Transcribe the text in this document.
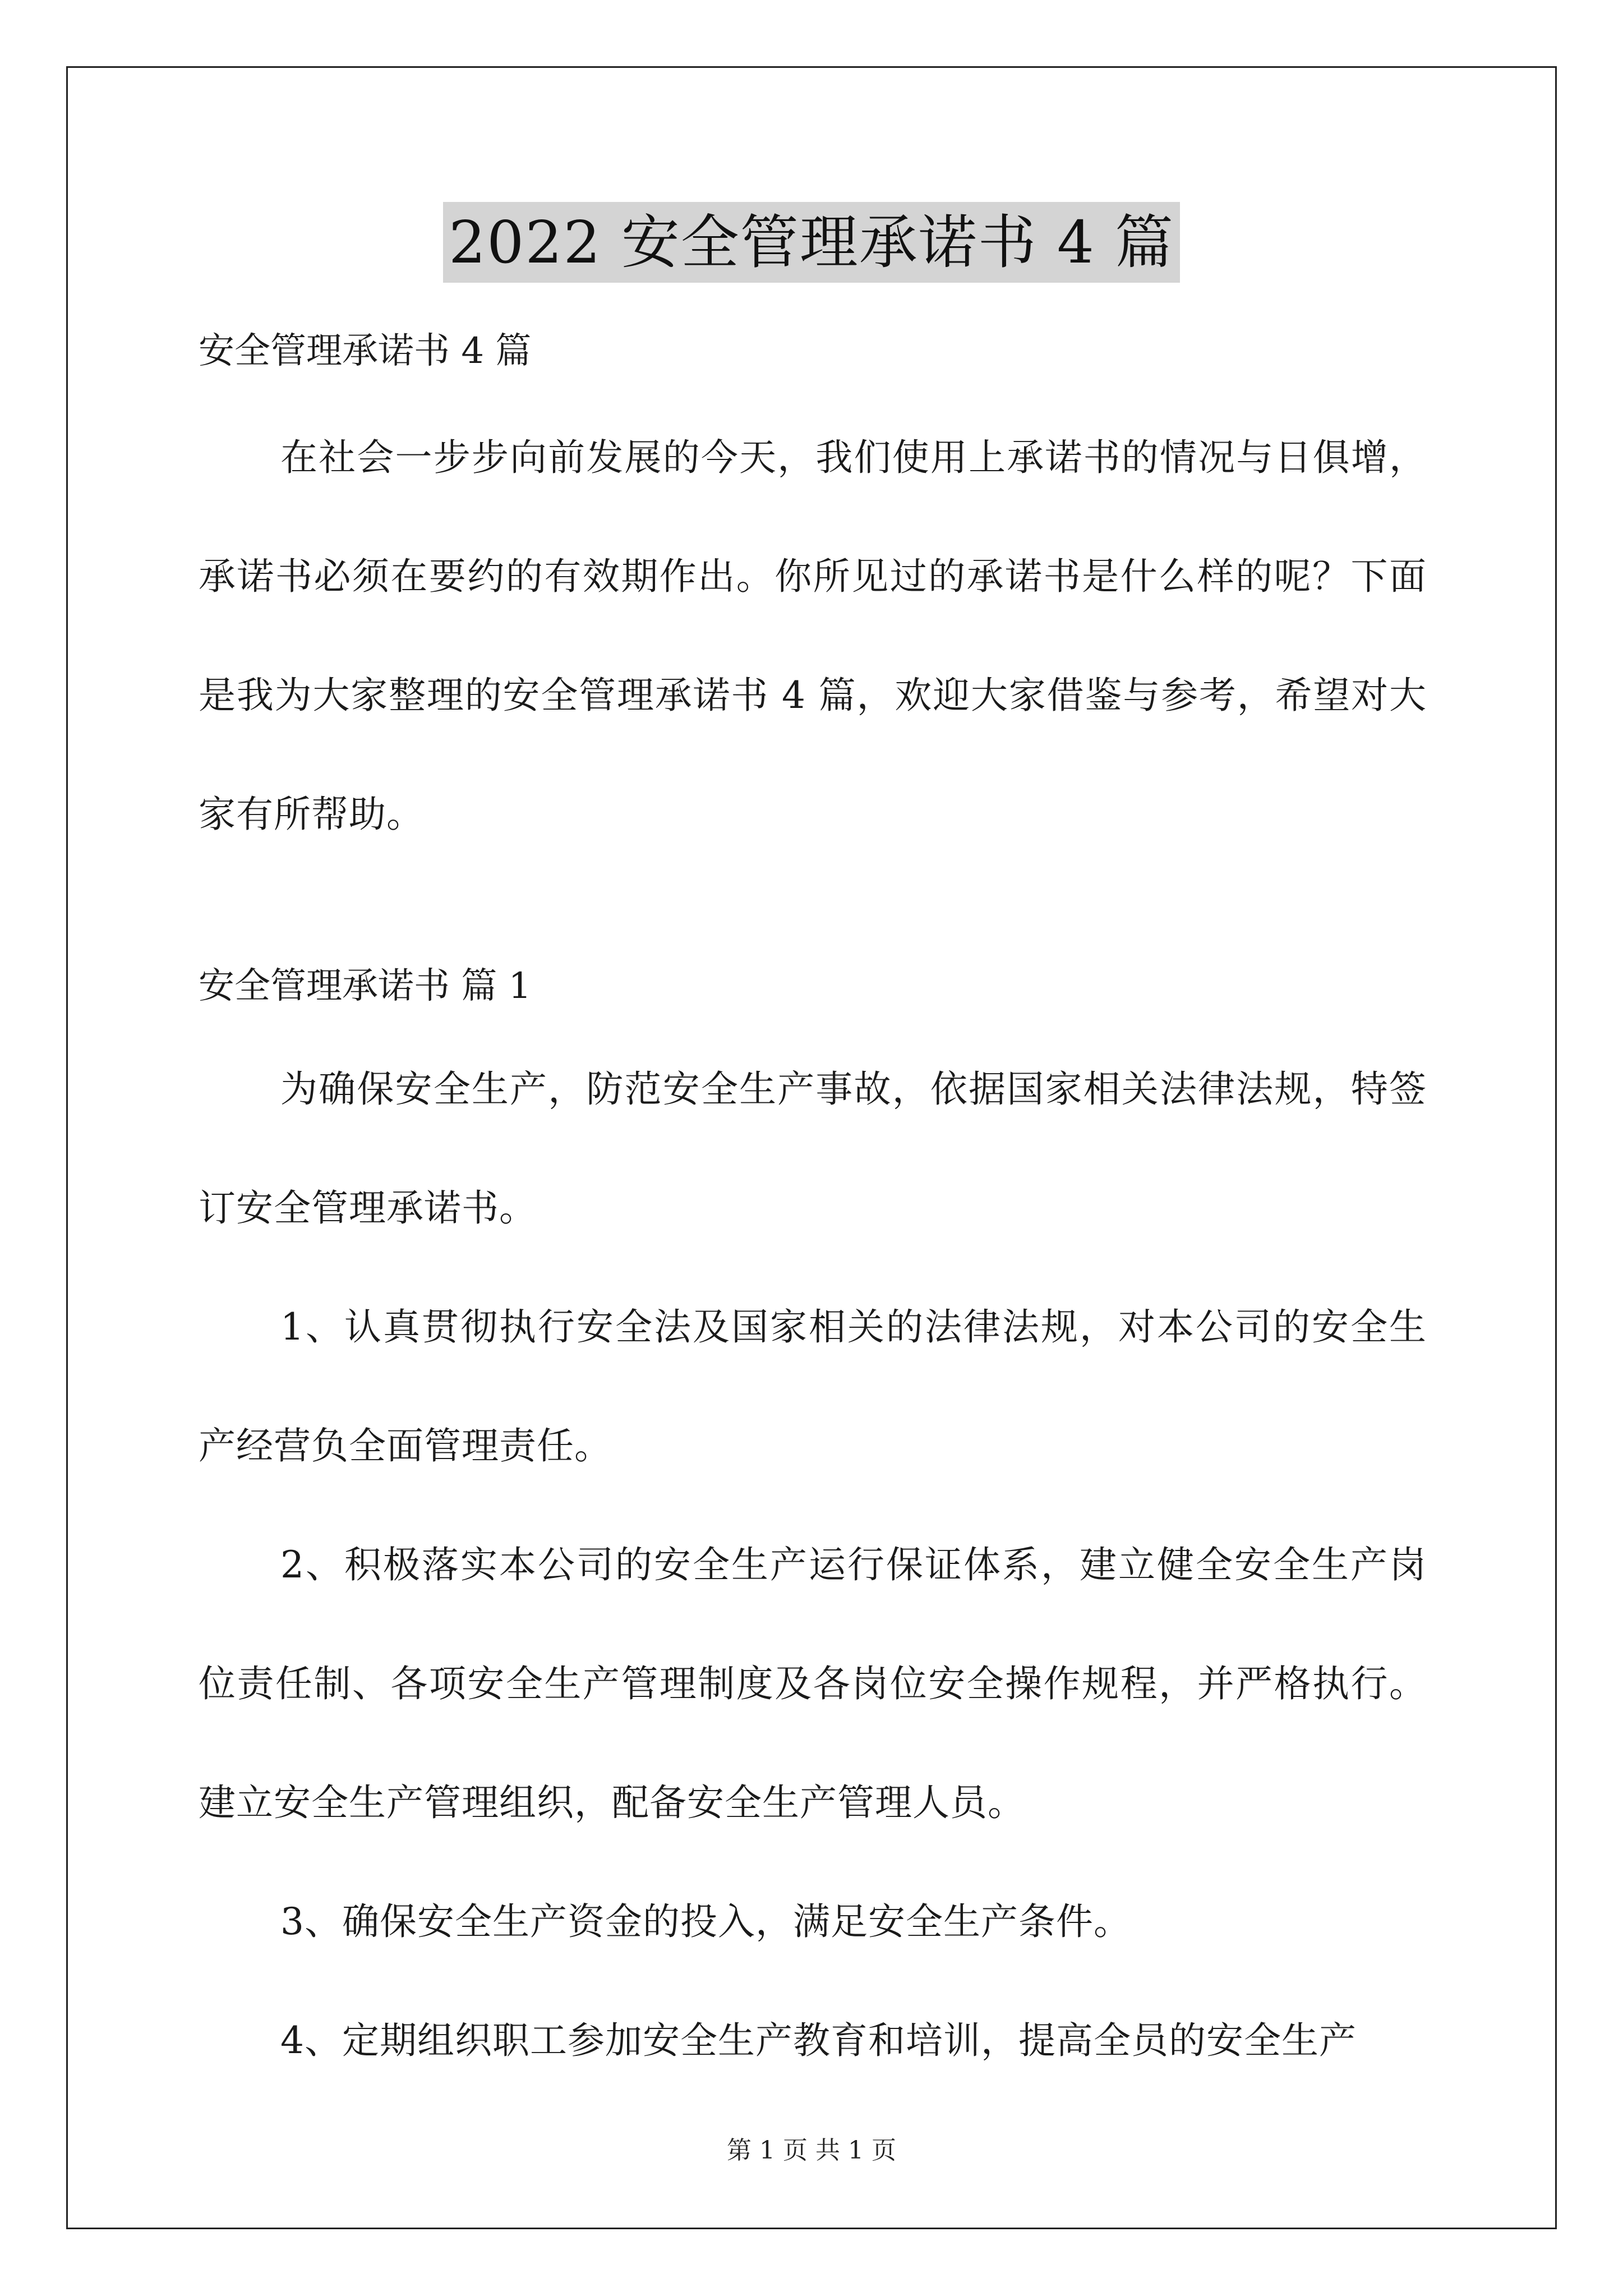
2022 安全管理承诺书 4 篇

安全管理承诺书 4 篇

在社会一步步向前发展的今天，我们使用上承诺书的情况与日俱增，承诺书必须在要约的有效期作出。你所见过的承诺书是什么样的呢？下面是我为大家整理的安全管理承诺书 4 篇，欢迎大家借鉴与参考，希望对大家有所帮助。

安全管理承诺书 篇 1

为确保安全生产，防范安全生产事故，依据国家相关法律法规，特签订安全管理承诺书。

1、认真贯彻执行安全法及国家相关的法律法规，对本公司的安全生产经营负全面管理责任。

2、积极落实本公司的安全生产运行保证体系，建立健全安全生产岗位责任制、各项安全生产管理制度及各岗位安全操作规程，并严格执行。建立安全生产管理组织，配备安全生产管理人员。

3、确保安全生产资金的投入，满足安全生产条件。

4、定期组织职工参加安全生产教育和培训，提高全员的安全生产

第 1 页 共 1 页
